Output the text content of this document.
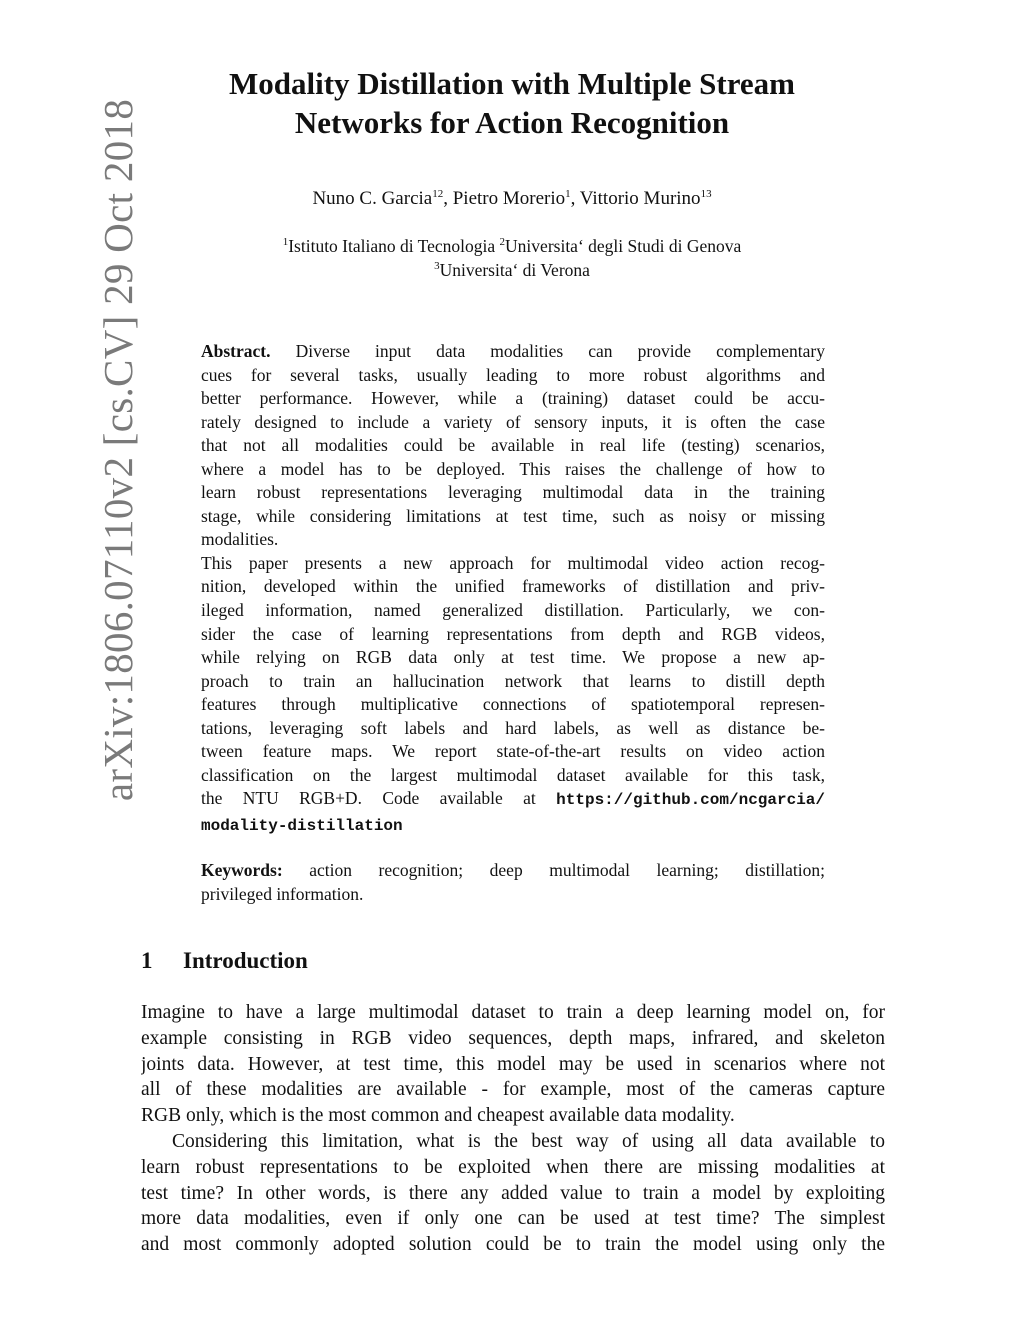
arXiv:1806.07110v2 [cs.CV] 29 Oct 2018
Modality Distillation with Multiple Stream
Networks for Action Recognition
Nuno C. Garcia$^{12}$, Pietro Morerio$^1$, Vittorio Murino$^{13}$
$^1$Istituto Italiano di Tecnologia $^2$Universita‘ degli Studi di Genova
$^3$Universita‘ di Verona
Abstract. Diverse input data modalities can provide complementary
cues for several tasks, usually leading to more robust algorithms and
better performance. However, while a (training) dataset could be accu-
rately designed to include a variety of sensory inputs, it is often the case
that not all modalities could be available in real life (testing) scenarios,
where a model has to be deployed. This raises the challenge of how to
learn robust representations leveraging multimodal data in the training
stage, while considering limitations at test time, such as noisy or missing
modalities.
This paper presents a new approach for multimodal video action recog-
nition, developed within the unified frameworks of distillation and priv-
ileged information, named generalized distillation. Particularly, we con-
sider the case of learning representations from depth and RGB videos,
while relying on RGB data only at test time. We propose a new ap-
proach to train an hallucination network that learns to distill depth
features through multiplicative connections of spatiotemporal represen-
tations, leveraging soft labels and hard labels, as well as distance be-
tween feature maps. We report state-of-the-art results on video action
classification on the largest multimodal dataset available for this task,
the NTU RGB+D. Code available at https://github.com/ncgarcia/
modality-distillation
Keywords: action recognition; deep multimodal learning; distillation;
privileged information.
1 Introduction
Imagine to have a large multimodal dataset to train a deep learning model on, for
example consisting in RGB video sequences, depth maps, infrared, and skeleton
joints data. However, at test time, this model may be used in scenarios where not
all of these modalities are available - for example, most of the cameras capture
RGB only, which is the most common and cheapest available data modality.
Considering this limitation, what is the best way of using all data available to
learn robust representations to be exploited when there are missing modalities at
test time? In other words, is there any added value to train a model by exploiting
more data modalities, even if only one can be used at test time? The simplest
and most commonly adopted solution could be to train the model using only the
